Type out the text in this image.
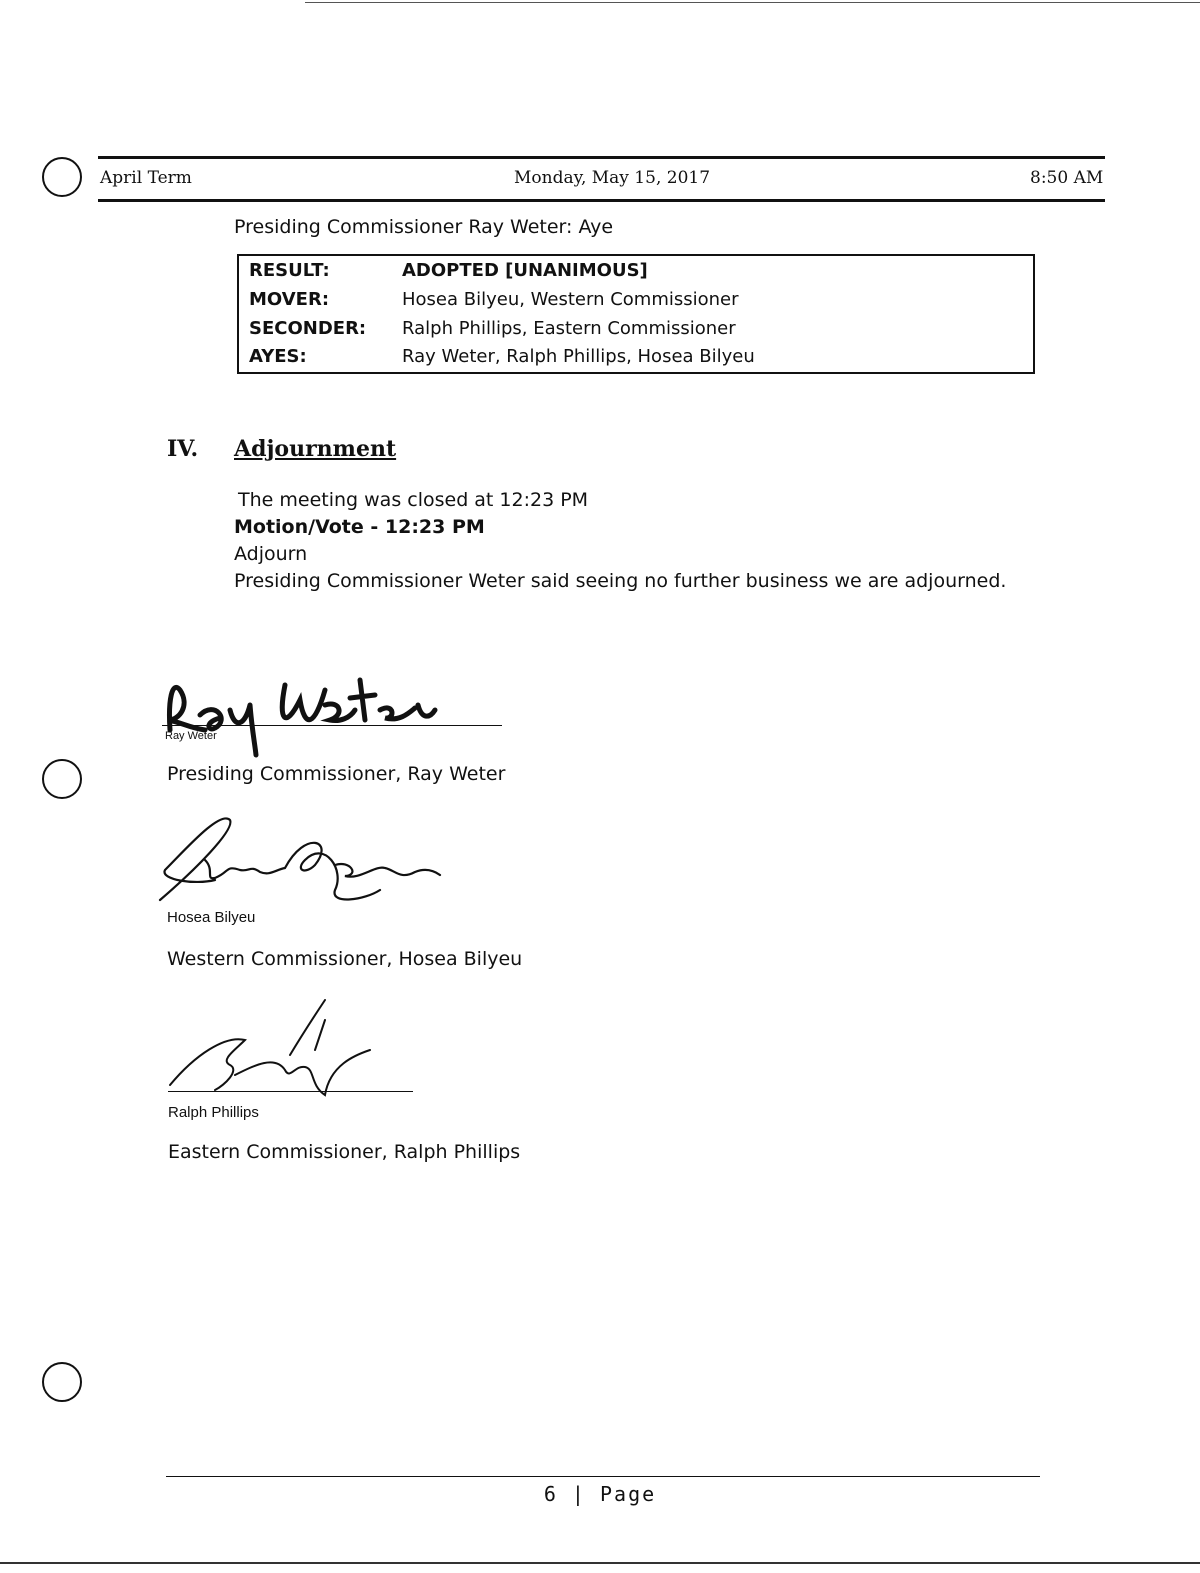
April Term	Monday, May 15, 2017	8:50 AM
Presiding Commissioner Ray Weter: Aye
RESULT:	ADOPTED [UNANIMOUS]
MOVER:	Hosea Bilyeu, Western Commissioner
SECONDER: Ralph Phillips, Eastern Commissioner
AYES:	Ray Weter, Ralph Phillips, Hosea Bilyeu
IV. Adjournment
The meeting was closed at 12:23 PM
Motion/Vote - 12:23 PM
Adjourn
Presiding Commissioner Weter said seeing no further business we are adjourned.
Ray Weter
Presiding Commissioner, Ray Weter
Hosea Bilyeu
Western Commissioner, Hosea Bilyeu
Ralph Phillips
Eastern Commissioner, Ralph Phillips
6 | Page
